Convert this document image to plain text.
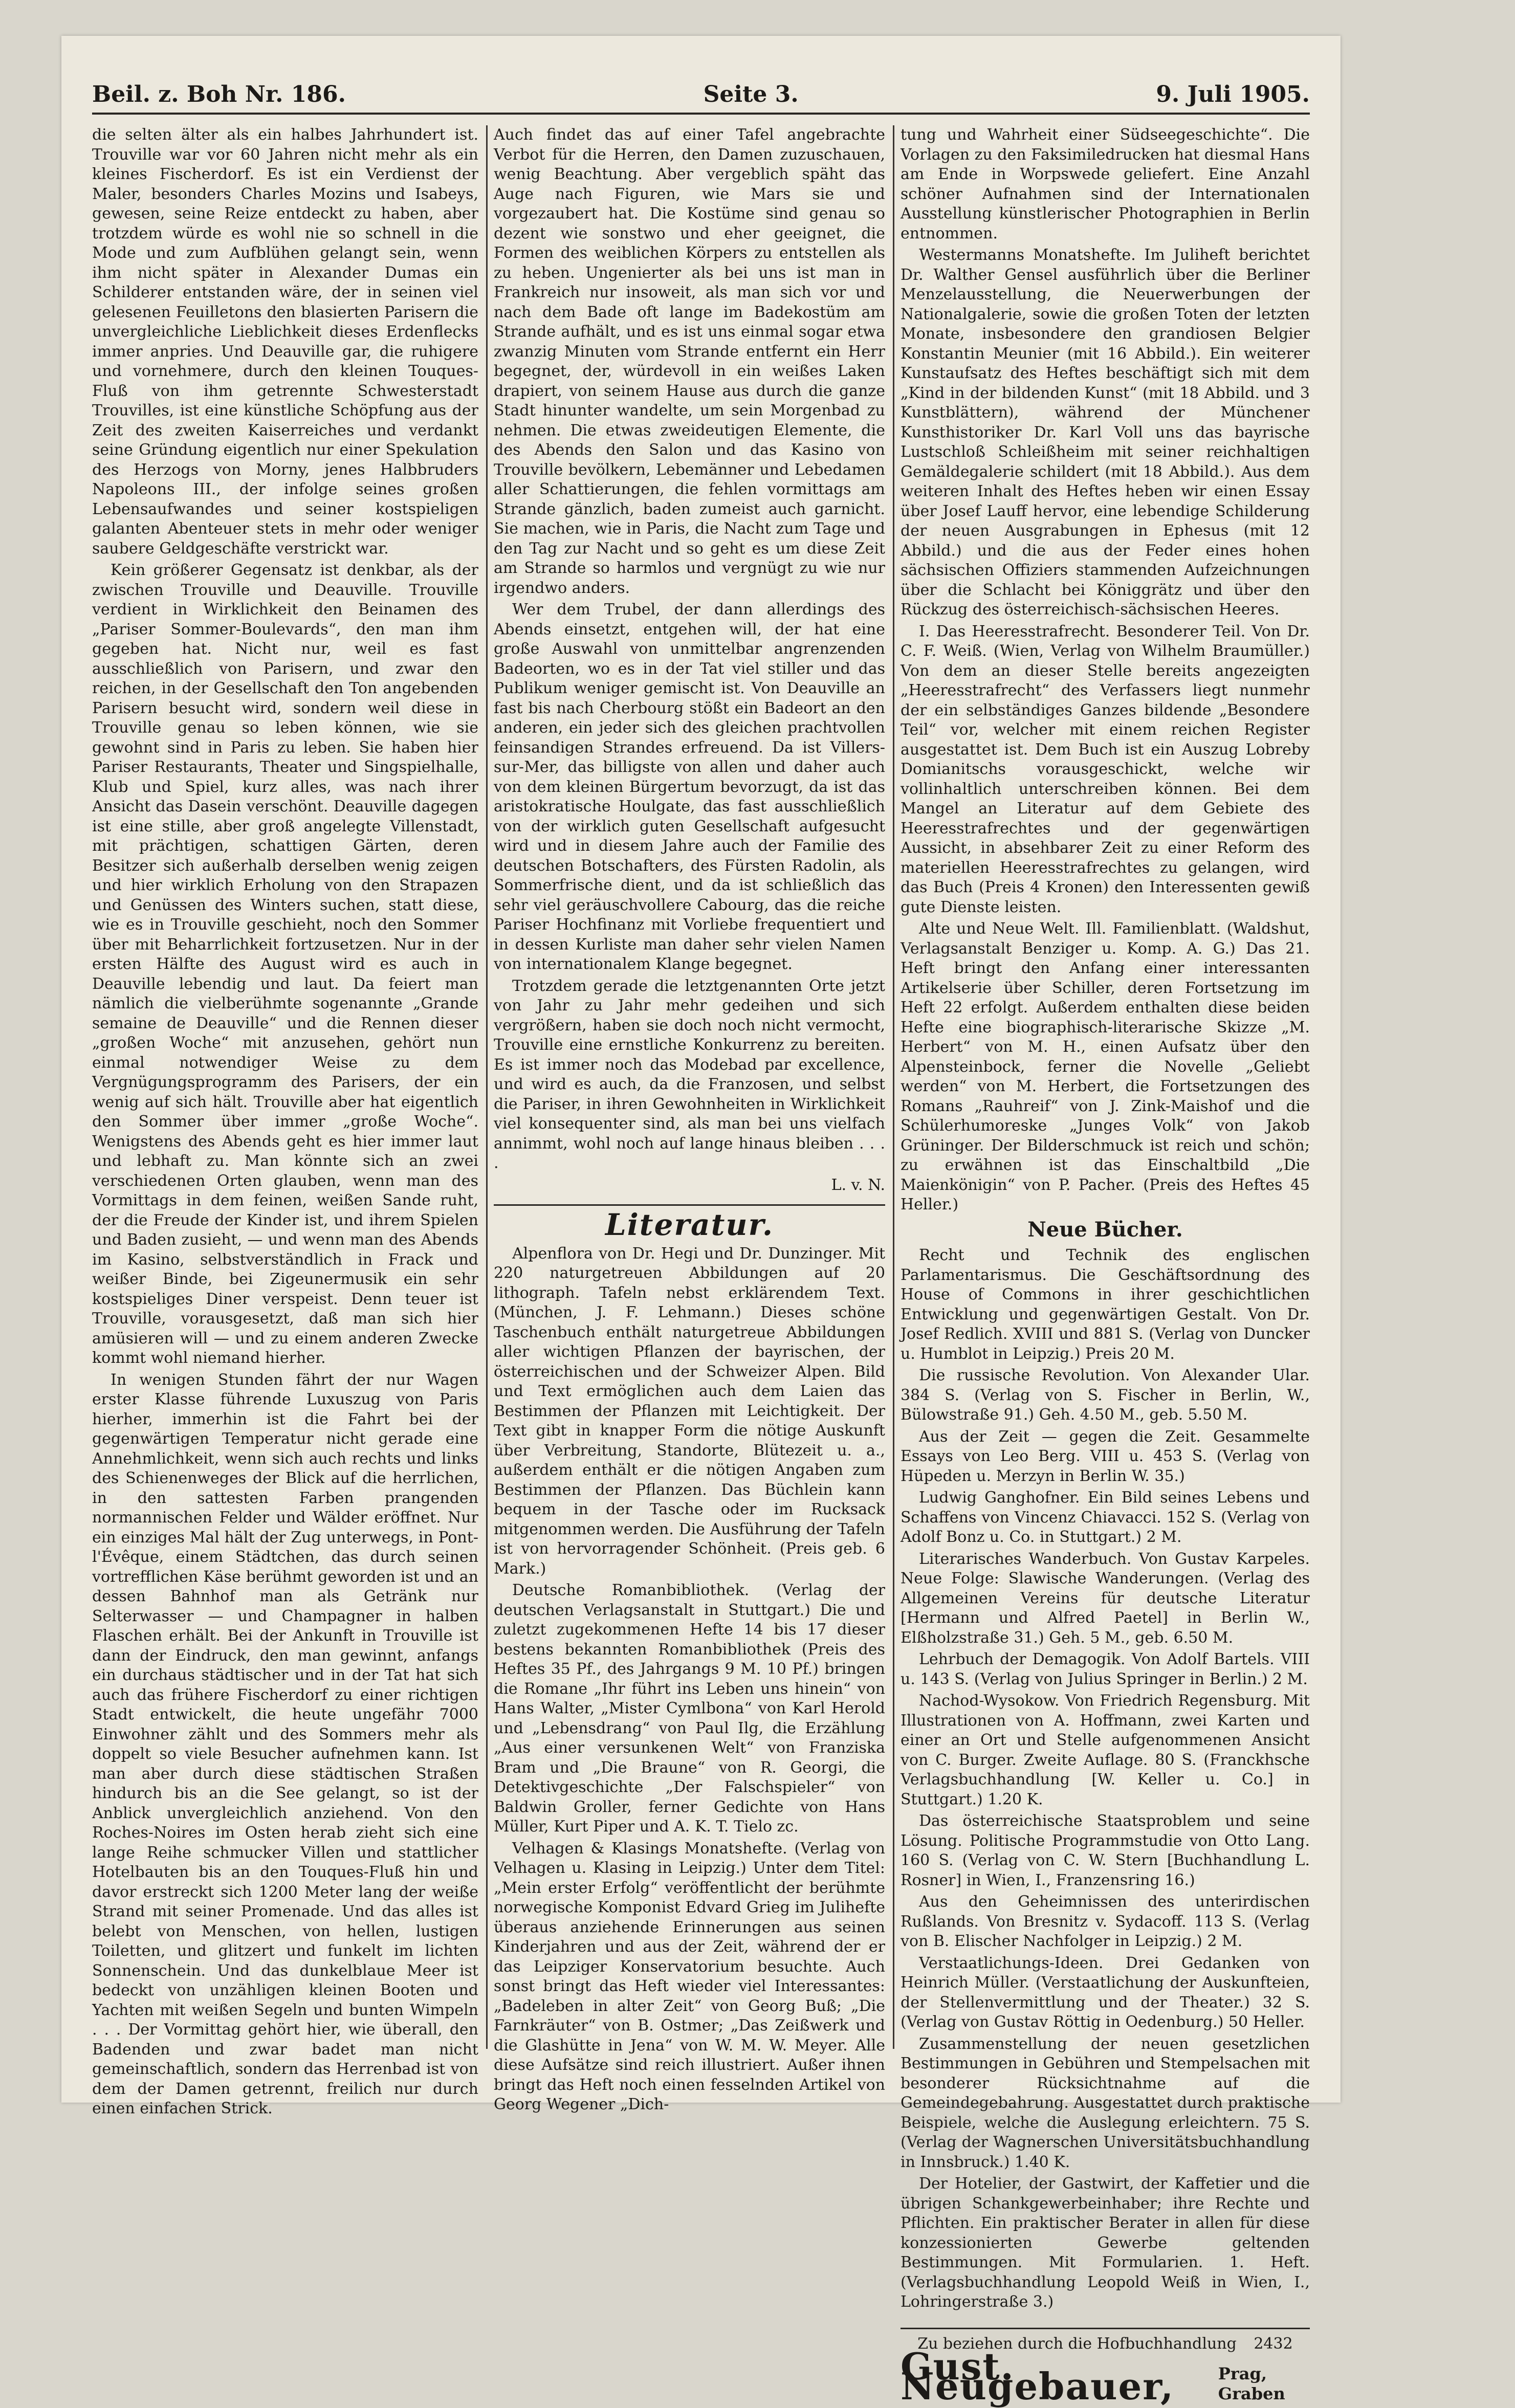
Beil. z. Boh Nr. 186.	Seite 3.	9. Juli 1905.

die selten älter als ein halbes Jahrhundert ist. Trouville war vor 60 Jahren nicht mehr als ein kleines Fischerdorf. Es ist ein Verdienst der Maler, besonders Charles Mozins und Isabeys, gewesen, seine Reize entdeckt zu haben, aber trotzdem würde es wohl nie so schnell in die Mode und zum Aufblühen gelangt sein, wenn ihm nicht später in Alexander Dumas ein Schilderer entstanden wäre, der in seinen viel gelesenen Feuilletons den blasierten Parisern die unvergleichliche Lieblichkeit dieses Erdenflecks immer anpries. Und Deauville gar, die ruhigere und vornehmere, durch den kleinen Touques-Fluß von ihm getrennte Schwesterstadt Trouvilles, ist eine künstliche Schöpfung aus der Zeit des zweiten Kaiserreiches und verdankt seine Gründung eigentlich nur einer Spekulation des Herzogs von Morny, jenes Halbbruders Napoleons III., der infolge seines großen Lebensaufwandes und seiner kostspieligen galanten Abenteuer stets in mehr oder weniger saubere Geldgeschäfte verstrickt war.

Kein größerer Gegensatz ist denkbar, als der zwischen Trouville und Deauville. Trouville verdient in Wirklichkeit den Beinamen des „Pariser Sommer-Boulevards“, den man ihm gegeben hat. Nicht nur, weil es fast ausschließlich von Parisern, und zwar den reichen, in der Gesellschaft den Ton angebenden Parisern besucht wird, sondern weil diese in Trouville genau so leben können, wie sie gewohnt sind in Paris zu leben. Sie haben hier Pariser Restaurants, Theater und Singspielhalle, Klub und Spiel, kurz alles, was nach ihrer Ansicht das Dasein verschönt. Deauville dagegen ist eine stille, aber groß angelegte Villenstadt, mit prächtigen, schattigen Gärten, deren Besitzer sich außerhalb derselben wenig zeigen und hier wirklich Erholung von den Strapazen und Genüssen des Winters suchen, statt diese, wie es in Trouville geschieht, noch den Sommer über mit Beharrlichkeit fortzusetzen. Nur in der ersten Hälfte des August wird es auch in Deauville lebendig und laut. Da feiert man nämlich die vielberühmte sogenannte „Grande semaine de Deauville“ und die Rennen dieser „großen Woche“ mit anzusehen, gehört nun einmal notwendiger Weise zu dem Vergnügungsprogramm des Parisers, der ein wenig auf sich hält. Trouville aber hat eigentlich den Sommer über immer „große Woche“. Wenigstens des Abends geht es hier immer laut und lebhaft zu. Man könnte sich an zwei verschiedenen Orten glauben, wenn man des Vormittags in dem feinen, weißen Sande ruht, der die Freude der Kinder ist, und ihrem Spielen und Baden zusieht, — und wenn man des Abends im Kasino, selbstverständlich in Frack und weißer Binde, bei Zigeunermusik ein sehr kostspieliges Diner verspeist. Denn teuer ist Trouville, vorausgesetzt, daß man sich hier amüsieren will — und zu einem anderen Zwecke kommt wohl niemand hierher.

In wenigen Stunden fährt der nur Wagen erster Klasse führende Luxuszug von Paris hierher, immerhin ist die Fahrt bei der gegenwärtigen Temperatur nicht gerade eine Annehmlichkeit, wenn sich auch rechts und links des Schienenweges der Blick auf die herrlichen, in den sattesten Farben prangenden normannischen Felder und Wälder eröffnet. Nur ein einziges Mal hält der Zug unterwegs, in Pont-l'Évêque, einem Städtchen, das durch seinen vortrefflichen Käse berühmt geworden ist und an dessen Bahnhof man als Getränk nur Selterwasser — und Champagner in halben Flaschen erhält. Bei der Ankunft in Trouville ist dann der Eindruck, den man gewinnt, anfangs ein durchaus städtischer und in der Tat hat sich auch das frühere Fischerdorf zu einer richtigen Stadt entwickelt, die heute ungefähr 7000 Einwohner zählt und des Sommers mehr als doppelt so viele Besucher aufnehmen kann. Ist man aber durch diese städtischen Straßen hindurch bis an die See gelangt, so ist der Anblick unvergleichlich anziehend. Von den Roches-Noires im Osten herab zieht sich eine lange Reihe schmucker Villen und stattlicher Hotelbauten bis an den Touques-Fluß hin und davor erstreckt sich 1200 Meter lang der weiße Strand mit seiner Promenade. Und das alles ist belebt von Menschen, von hellen, lustigen Toiletten, und glitzert und funkelt im lichten Sonnenschein. Und das dunkelblaue Meer ist bedeckt von unzähligen kleinen Booten und Yachten mit weißen Segeln und bunten Wimpeln . . . Der Vormittag gehört hier, wie überall, den Badenden und zwar badet man nicht gemeinschaftlich, sondern das Herrenbad ist von dem der Damen getrennt, freilich nur durch einen einfachen Strick.

Auch findet das auf einer Tafel angebrachte Verbot für die Herren, den Damen zuzuschauen, wenig Beachtung. Aber vergeblich späht das Auge nach Figuren, wie Mars sie und vorgezaubert hat. Die Kostüme sind genau so dezent wie sonstwo und eher geeignet, die Formen des weiblichen Körpers zu entstellen als zu heben. Ungenierter als bei uns ist man in Frankreich nur insoweit, als man sich vor und nach dem Bade oft lange im Badekostüm am Strande aufhält, und es ist uns einmal sogar etwa zwanzig Minuten vom Strande entfernt ein Herr begegnet, der, würdevoll in ein weißes Laken drapiert, von seinem Hause aus durch die ganze Stadt hinunter wandelte, um sein Morgenbad zu nehmen. Die etwas zweideutigen Elemente, die des Abends den Salon und das Kasino von Trouville bevölkern, Lebemänner und Lebedamen aller Schattierungen, die fehlen vormittags am Strande gänzlich, baden zumeist auch garnicht. Sie machen, wie in Paris, die Nacht zum Tage und den Tag zur Nacht und so geht es um diese Zeit am Strande so harmlos und vergnügt zu wie nur irgendwo anders.

Wer dem Trubel, der dann allerdings des Abends einsetzt, entgehen will, der hat eine große Auswahl von unmittelbar angrenzenden Badeorten, wo es in der Tat viel stiller und das Publikum weniger gemischt ist. Von Deauville an fast bis nach Cherbourg stößt ein Badeort an den anderen, ein jeder sich des gleichen prachtvollen feinsandigen Strandes erfreuend. Da ist Villers-sur-Mer, das billigste von allen und daher auch von dem kleinen Bürgertum bevorzugt, da ist das aristokratische Houlgate, das fast ausschließlich von der wirklich guten Gesellschaft aufgesucht wird und in diesem Jahre auch der Familie des deutschen Botschafters, des Fürsten Radolin, als Sommerfrische dient, und da ist schließlich das sehr viel geräuschvollere Cabourg, das die reiche Pariser Hochfinanz mit Vorliebe frequentiert und in dessen Kurliste man daher sehr vielen Namen von internationalem Klange begegnet.

Trotzdem gerade die letztgenannten Orte jetzt von Jahr zu Jahr mehr gedeihen und sich vergrößern, haben sie doch noch nicht vermocht, Trouville eine ernstliche Konkurrenz zu bereiten. Es ist immer noch das Modebad par excellence, und wird es auch, da die Franzosen, und selbst die Pariser, in ihren Gewohnheiten in Wirklichkeit viel konsequenter sind, als man bei uns vielfach annimmt, wohl noch auf lange hinaus bleiben . . . .

L. v. N.
Literatur.

Alpenflora von Dr. Hegi und Dr. Dunzinger. Mit 220 naturgetreuen Abbildungen auf 20 lithograph. Tafeln nebst erklärendem Text. (München, J. F. Lehmann.) Dieses schöne Taschenbuch enthält naturgetreue Abbildungen aller wichtigen Pflanzen der bayrischen, der österreichischen und der Schweizer Alpen. Bild und Text ermöglichen auch dem Laien das Bestimmen der Pflanzen mit Leichtigkeit. Der Text gibt in knapper Form die nötige Auskunft über Verbreitung, Standorte, Blütezeit u. a., außerdem enthält er die nötigen Angaben zum Bestimmen der Pflanzen. Das Büchlein kann bequem in der Tasche oder im Rucksack mitgenommen werden. Die Ausführung der Tafeln ist von hervorragender Schönheit. (Preis geb. 6 Mark.)

Deutsche Romanbibliothek. (Verlag der deutschen Verlagsanstalt in Stuttgart.) Die und zuletzt zugekommenen Hefte 14 bis 17 dieser bestens bekannten Romanbibliothek (Preis des Heftes 35 Pf., des Jahrgangs 9 M. 10 Pf.) bringen die Romane „Ihr führt ins Leben uns hinein“ von Hans Walter, „Mister Cymlbona“ von Karl Herold und „Lebensdrang“ von Paul Ilg, die Erzählung „Aus einer versunkenen Welt“ von Franziska Bram und „Die Braune“ von R. Georgi, die Detektivgeschichte „Der Falschspieler“ von Baldwin Groller, ferner Gedichte von Hans Müller, Kurt Piper und A. K. T. Tielo zc.

Velhagen & Klasings Monatshefte. (Verlag von Velhagen u. Klasing in Leipzig.) Unter dem Titel: „Mein erster Erfolg“ veröffentlicht der berühmte norwegische Komponist Edvard Grieg im Julihefte überaus anziehende Erinnerungen aus seinen Kinderjahren und aus der Zeit, während der er das Leipziger Konservatorium besuchte. Auch sonst bringt das Heft wieder viel Interessantes: „Badeleben in alter Zeit“ von Georg Buß; „Die Farnkräuter“ von B. Ostmer; „Das Zeißwerk und die Glashütte in Jena“ von W. M. W. Meyer. Alle diese Aufsätze sind reich illustriert. Außer ihnen bringt das Heft noch einen fesselnden Artikel von Georg Wegener „Dich-

tung und Wahrheit einer Südseegeschichte“. Die Vorlagen zu den Faksimiledrucken hat diesmal Hans am Ende in Worpswede geliefert. Eine Anzahl schöner Aufnahmen sind der Internationalen Ausstellung künstlerischer Photographien in Berlin entnommen.

Westermanns Monatshefte. Im Juliheft berichtet Dr. Walther Gensel ausführlich über die Berliner Menzelausstellung, die Neuerwerbungen der Nationalgalerie, sowie die großen Toten der letzten Monate, insbesondere den grandiosen Belgier Konstantin Meunier (mit 16 Abbild.). Ein weiterer Kunstaufsatz des Heftes beschäftigt sich mit dem „Kind in der bildenden Kunst“ (mit 18 Abbild. und 3 Kunstblättern), während der Münchener Kunsthistoriker Dr. Karl Voll uns das bayrische Lustschloß Schleißheim mit seiner reichhaltigen Gemäldegalerie schildert (mit 18 Abbild.). Aus dem weiteren Inhalt des Heftes heben wir einen Essay über Josef Lauff hervor, eine lebendige Schilderung der neuen Ausgrabungen in Ephesus (mit 12 Abbild.) und die aus der Feder eines hohen sächsischen Offiziers stammenden Aufzeichnungen über die Schlacht bei Königgrätz und über den Rückzug des österreichisch-sächsischen Heeres.

I. Das Heeresstrafrecht. Besonderer Teil. Von Dr. C. F. Weiß. (Wien, Verlag von Wilhelm Braumüller.) Von dem an dieser Stelle bereits angezeigten „Heeresstrafrecht“ des Verfassers liegt nunmehr der ein selbständiges Ganzes bildende „Besondere Teil“ vor, welcher mit einem reichen Register ausgestattet ist. Dem Buch ist ein Auszug Lobreby Domianitschs vorausgeschickt, welche wir vollinhaltlich unterschreiben können. Bei dem Mangel an Literatur auf dem Gebiete des Heeresstrafrechtes und der gegenwärtigen Aussicht, in absehbarer Zeit zu einer Reform des materiellen Heeresstrafrechtes zu gelangen, wird das Buch (Preis 4 Kronen) den Interessenten gewiß gute Dienste leisten.

Alte und Neue Welt. Ill. Familienblatt. (Waldshut, Verlagsanstalt Benziger u. Komp. A. G.) Das 21. Heft bringt den Anfang einer interessanten Artikelserie über Schiller, deren Fortsetzung im Heft 22 erfolgt. Außerdem enthalten diese beiden Hefte eine biographisch-literarische Skizze „M. Herbert“ von M. H., einen Aufsatz über den Alpensteinbock, ferner die Novelle „Geliebt werden“ von M. Herbert, die Fortsetzungen des Romans „Rauhreif“ von J. Zink-Maishof und die Schülerhumoreske „Junges Volk“ von Jakob Grüninger. Der Bilderschmuck ist reich und schön; zu erwähnen ist das Einschaltbild „Die Maienkönigin“ von P. Pacher. (Preis des Heftes 45 Heller.)

Neue Bücher.

Recht und Technik des englischen Parlamentarismus. Die Geschäftsordnung des House of Commons in ihrer geschichtlichen Entwicklung und gegenwärtigen Gestalt. Von Dr. Josef Redlich. XVIII und 881 S. (Verlag von Duncker u. Humblot in Leipzig.) Preis 20 M.

Die russische Revolution. Von Alexander Ular. 384 S. (Verlag von S. Fischer in Berlin, W., Bülowstraße 91.) Geh. 4.50 M., geb. 5.50 M.

Aus der Zeit — gegen die Zeit. Gesammelte Essays von Leo Berg. VIII u. 453 S. (Verlag von Hüpeden u. Merzyn in Berlin W. 35.)

Ludwig Ganghofner. Ein Bild seines Lebens und Schaffens von Vincenz Chiavacci. 152 S. (Verlag von Adolf Bonz u. Co. in Stuttgart.) 2 M.

Literarisches Wanderbuch. Von Gustav Karpeles. Neue Folge: Slawische Wanderungen. (Verlag des Allgemeinen Vereins für deutsche Literatur [Hermann und Alfred Paetel] in Berlin W., Elßholzstraße 31.) Geh. 5 M., geb. 6.50 M.

Lehrbuch der Demagogik. Von Adolf Bartels. VIII u. 143 S. (Verlag von Julius Springer in Berlin.) 2 M.

Nachod-Wysokow. Von Friedrich Regensburg. Mit Illustrationen von A. Hoffmann, zwei Karten und einer an Ort und Stelle aufgenommenen Ansicht von C. Burger. Zweite Auflage. 80 S. (Franckhsche Verlagsbuchhandlung [W. Keller u. Co.] in Stuttgart.) 1.20 K.

Das österreichische Staatsproblem und seine Lösung. Politische Programmstudie von Otto Lang. 160 S. (Verlag von C. W. Stern [Buchhandlung L. Rosner] in Wien, I., Franzensring 16.)

Aus den Geheimnissen des unterirdischen Rußlands. Von Bresnitz v. Sydacoff. 113 S. (Verlag von B. Elischer Nachfolger in Leipzig.) 2 M.

Verstaatlichungs-Ideen. Drei Gedanken von Heinrich Müller. (Verstaatlichung der Auskunfteien, der Stellenvermittlung und der Theater.) 32 S. (Verlag von Gustav Röttig in Oedenburg.) 50 Heller.

Zusammenstellung der neuen gesetzlichen Bestimmungen in Gebühren und Stempelsachen mit besonderer Rücksichtnahme auf die Gemeindegebahrung. Ausgestattet durch praktische Beispiele, welche die Auslegung erleichtern. 75 S. (Verlag der Wagnerschen Universitätsbuchhandlung in Innsbruck.) 1.40 K.

Der Hotelier, der Gastwirt, der Kaffetier und die übrigen Schankgewerbeinhaber; ihre Rechte und Pflichten. Ein praktischer Berater in allen für diese konzessionierten Gewerbe geltenden Bestimmungen. Mit Formularien. 1. Heft. (Verlagsbuchhandlung Leopold Weiß in Wien, I., Lohringerstraße 3.)

Zu beziehen durch die Hofbuchhandlung 2432
Gust. Neugebauer,	Prag, Graben
